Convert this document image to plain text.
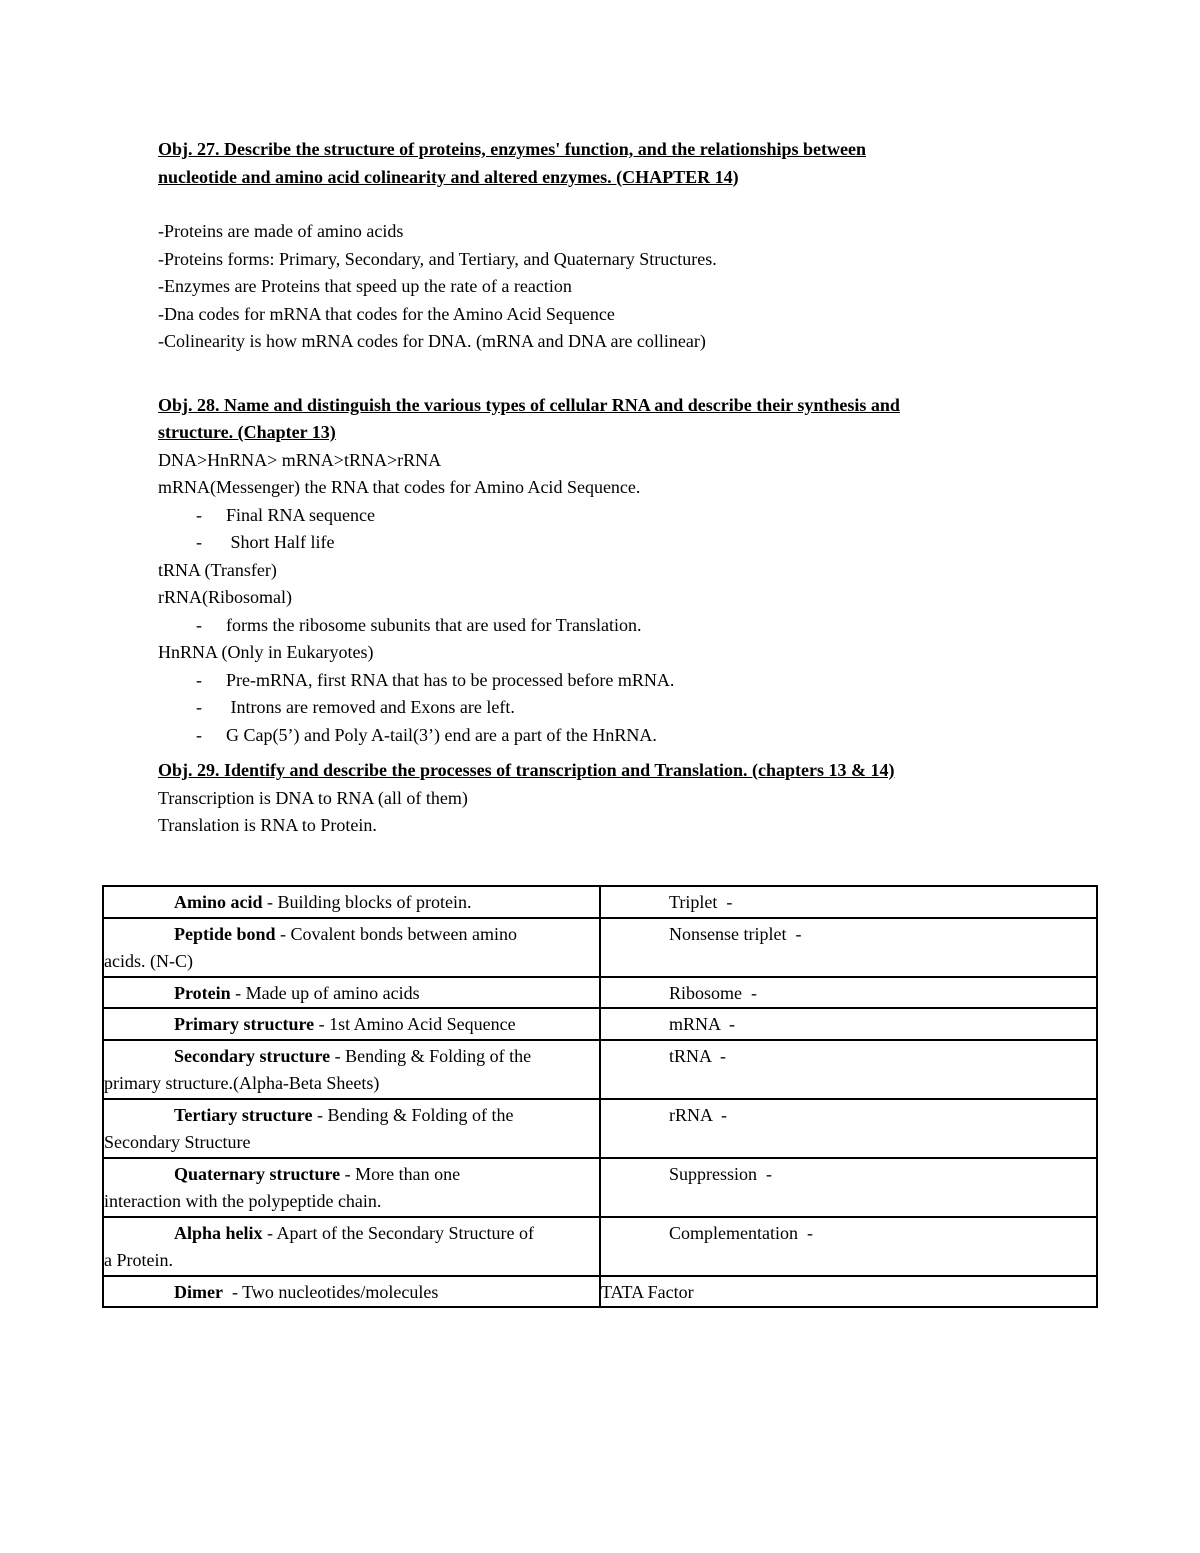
Obj. 27. Describe the structure of proteins, enzymes' function, and the relationships between

nucleotide and amino acid colinearity and altered enzymes. (CHAPTER 14)

-Proteins are made of amino acids

-Proteins forms: Primary, Secondary, and Tertiary, and Quaternary Structures.

-Enzymes are Proteins that speed up the rate of a reaction

-Dna codes for mRNA that codes for the Amino Acid Sequence

-Colinearity is how mRNA codes for DNA. (mRNA and DNA are collinear)

Obj. 28. Name and distinguish the various types of cellular RNA and describe their synthesis and

structure. (Chapter 13)

DNA>HnRNA> mRNA>tRNA>rRNA

mRNA(Messenger) the RNA that codes for Amino Acid Sequence.

- Final RNA sequence

- Short Half life

tRNA (Transfer)

rRNA(Ribosomal)

- forms the ribosome subunits that are used for Translation.

HnRNA (Only in Eukaryotes)

- Pre-mRNA, first RNA that has to be processed before mRNA.

- Introns are removed and Exons are left.

- G Cap(5’) and Poly A-tail(3’) end are a part of the HnRNA.

Obj. 29. Identify and describe the processes of transcription and Translation. (chapters 13 & 14)

Transcription is DNA to RNA (all of them)

Translation is RNA to Protein.

Amino acid - Building blocks of protein.	Triplet  -
Peptide bond - Covalent bonds between amino
acids. (N-C)	Nonsense triplet  -
Protein - Made up of amino acids	Ribosome  -
Primary structure - 1st Amino Acid Sequence	mRNA  -
Secondary structure - Bending & Folding of the
primary structure.(Alpha-Beta Sheets)	tRNA  -
Tertiary structure - Bending & Folding of the
Secondary Structure	rRNA  -
Quaternary structure - More than one
interaction with the polypeptide chain.	Suppression  -
Alpha helix - Apart of the Secondary Structure of
a Protein.	Complementation  -
Dimer  - Two nucleotides/molecules	TATA Factor
